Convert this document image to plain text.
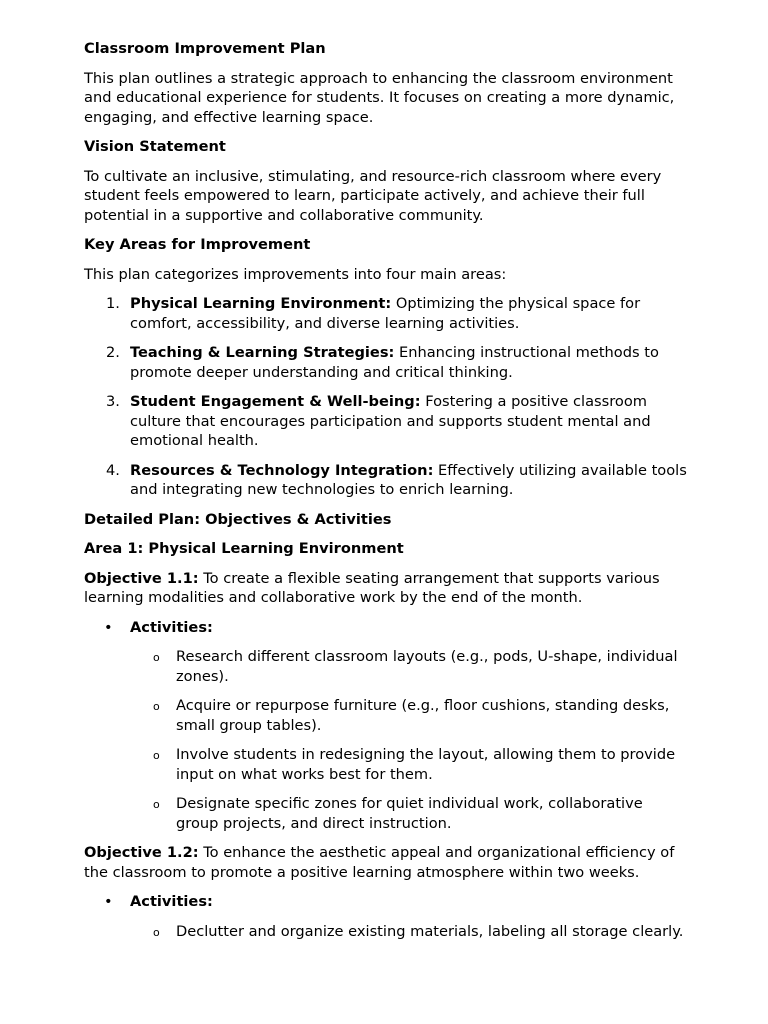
Classroom Improvement Plan

This plan outlines a strategic approach to enhancing the classroom environment and educational experience for students. It focuses on creating a more dynamic, engaging, and effective learning space.

Vision Statement

To cultivate an inclusive, stimulating, and resource-rich classroom where every student feels empowered to learn, participate actively, and achieve their full potential in a supportive and collaborative community.

Key Areas for Improvement

This plan categorizes improvements into four main areas:

1. Physical Learning Environment: Optimizing the physical space for comfort, accessibility, and diverse learning activities.
2. Teaching & Learning Strategies: Enhancing instructional methods to promote deeper understanding and critical thinking.
3. Student Engagement & Well-being: Fostering a positive classroom culture that encourages participation and supports student mental and emotional health.
4. Resources & Technology Integration: Effectively utilizing available tools and integrating new technologies to enrich learning.

Detailed Plan: Objectives & Activities

Area 1: Physical Learning Environment

Objective 1.1: To create a flexible seating arrangement that supports various learning modalities and collaborative work by the end of the month.

• Activities:
o Research different classroom layouts (e.g., pods, U-shape, individual zones).
o Acquire or repurpose furniture (e.g., floor cushions, standing desks, small group tables).
o Involve students in redesigning the layout, allowing them to provide input on what works best for them.
o Designate specific zones for quiet individual work, collaborative group projects, and direct instruction.

Objective 1.2: To enhance the aesthetic appeal and organizational efficiency of the classroom to promote a positive learning atmosphere within two weeks.

• Activities:
o Declutter and organize existing materials, labeling all storage clearly.
